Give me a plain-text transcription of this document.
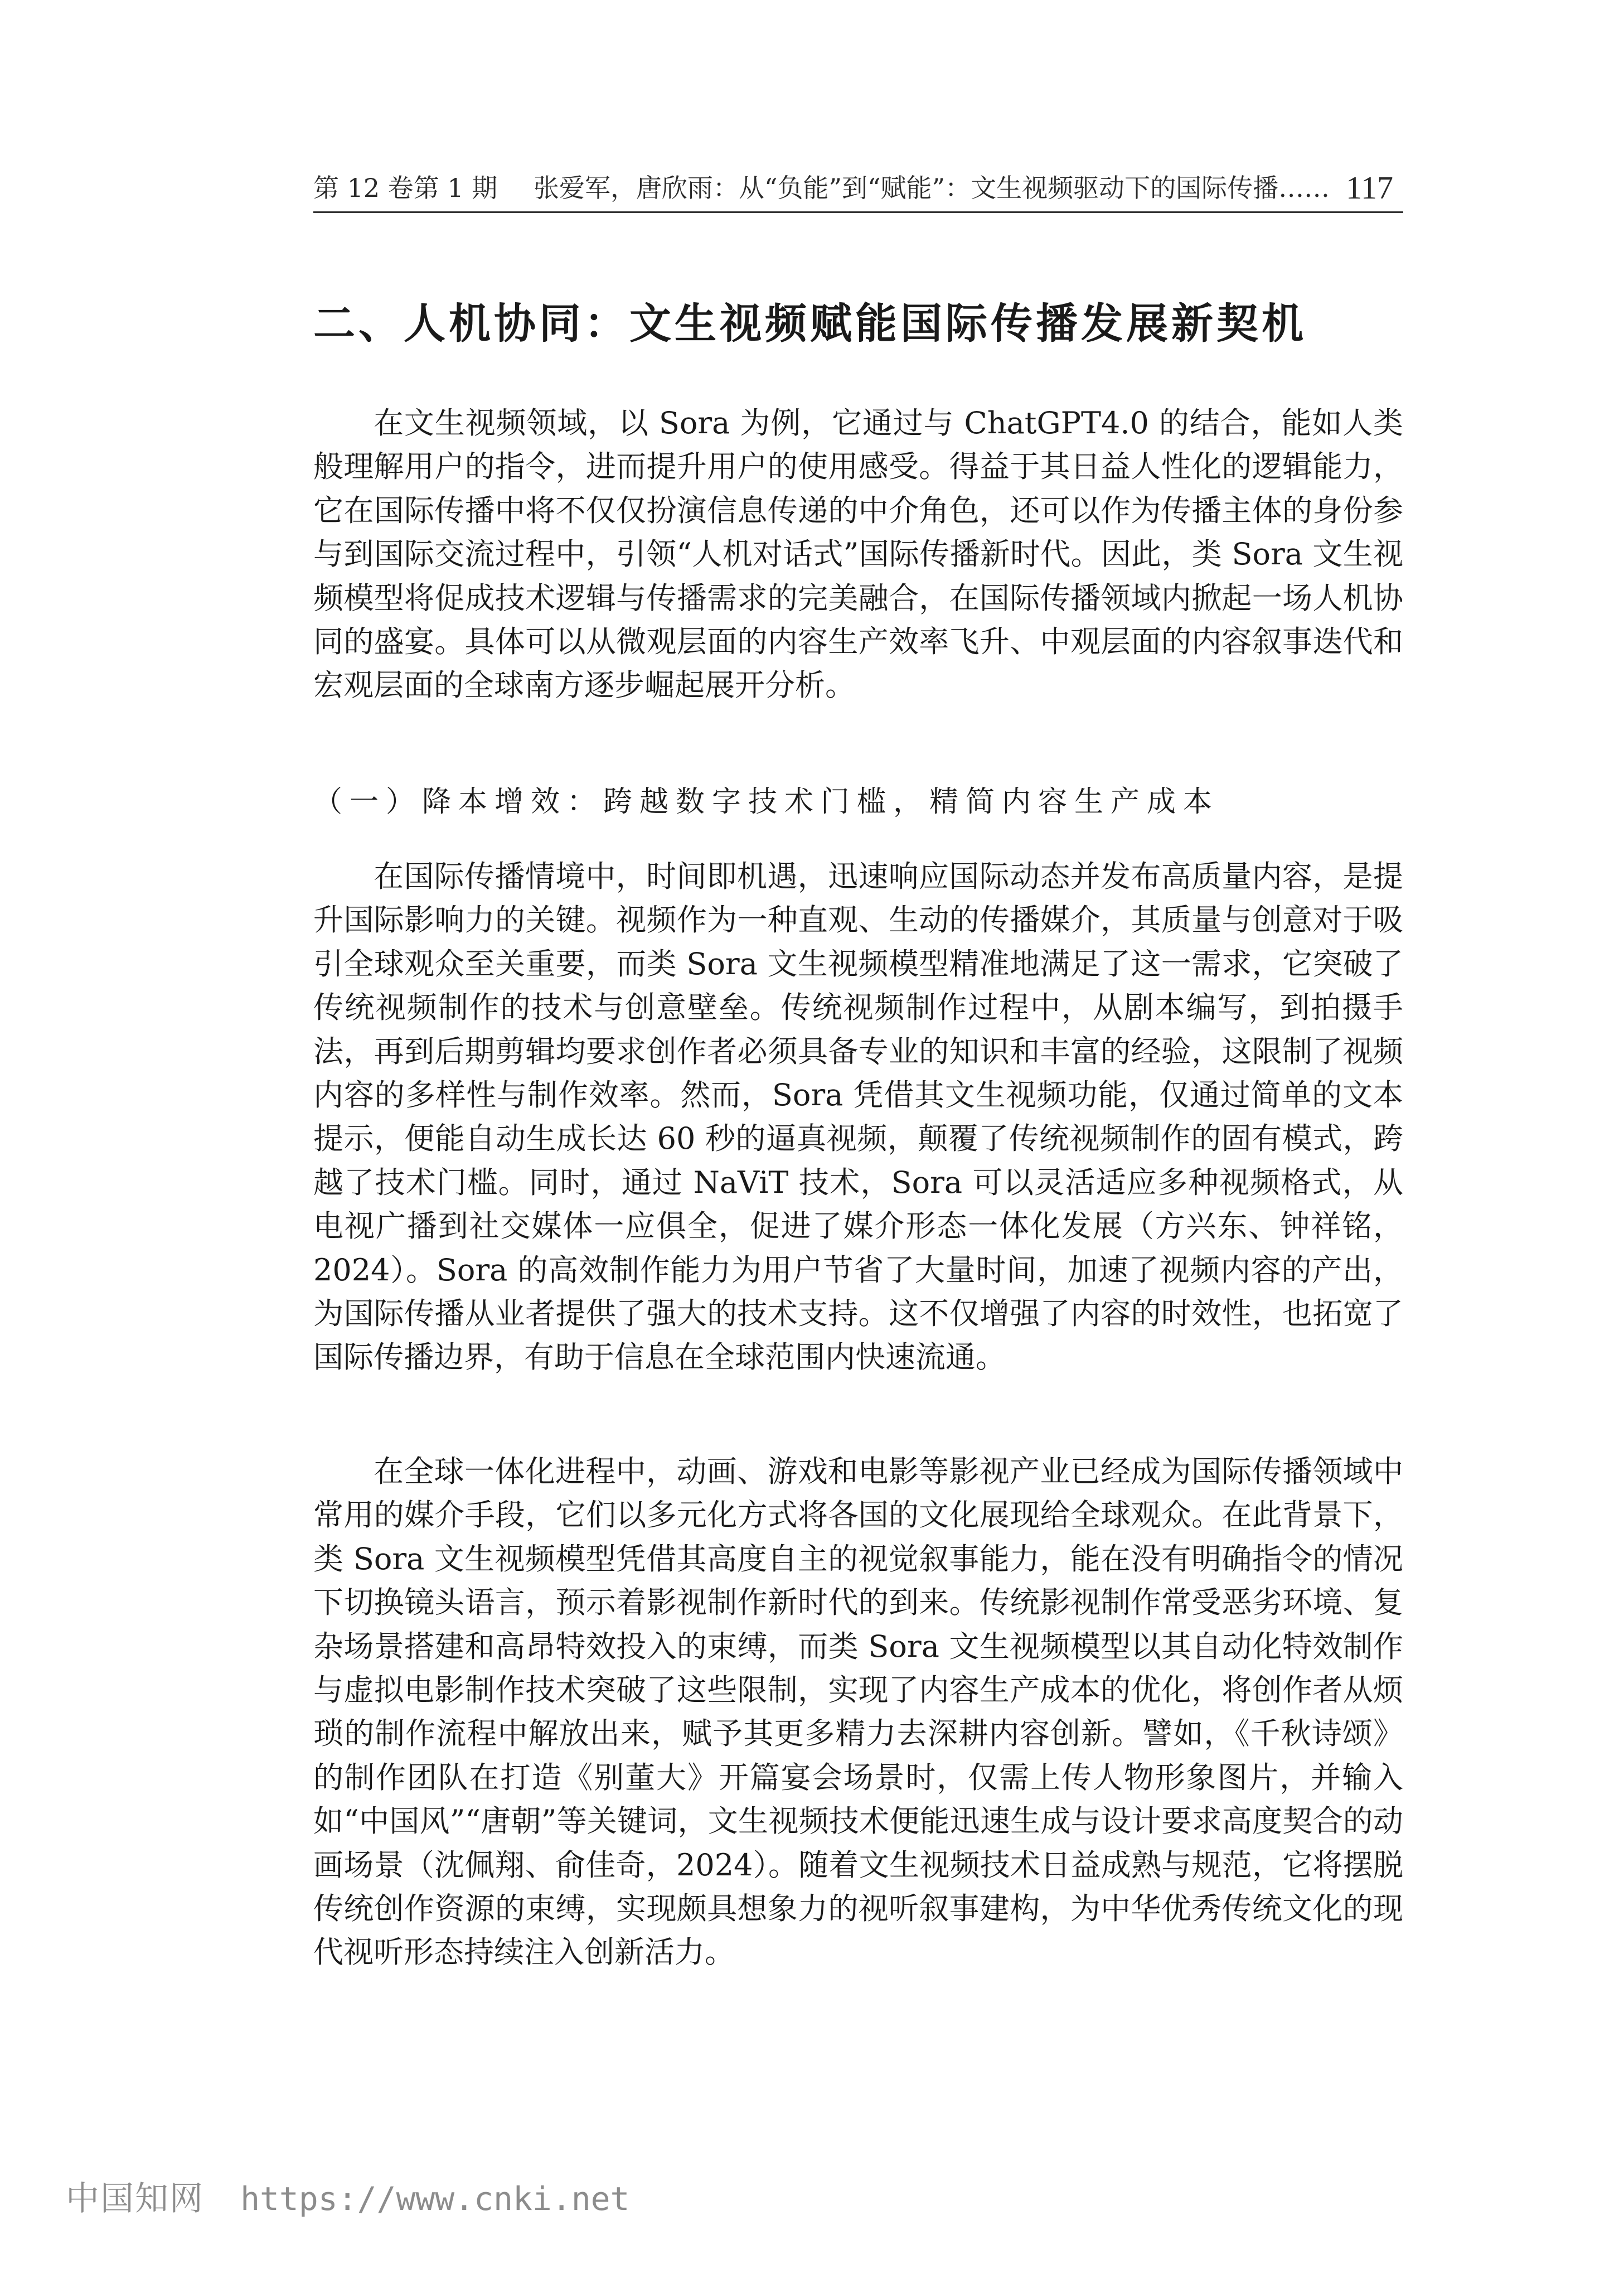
第 12 卷第 1 期 张爱军，唐欣雨：从“负能”到“赋能”：文生视频驱动下的国际传播…… 117
二、人机协同：文生视频赋能国际传播发展新契机

在文生视频领域，以 Sora 为例，它通过与 ChatGPT4.0 的结合，能如人类般理解用户的指令，进而提升用户的使用感受。得益于其日益人性化的逻辑能力，它在国际传播中将不仅仅扮演信息传递的中介角色，还可以作为传播主体的身份参与到国际交流过程中，引领“人机对话式”国际传播新时代。因此，类 Sora 文生视频模型将促成技术逻辑与传播需求的完美融合，在国际传播领域内掀起一场人机协同的盛宴。具体可以从微观层面的内容生产效率飞升、中观层面的内容叙事迭代和宏观层面的全球南方逐步崛起展开分析。

（一）降本增效：跨越数字技术门槛，精简内容生产成本

在国际传播情境中，时间即机遇，迅速响应国际动态并发布高质量内容，是提升国际影响力的关键。视频作为一种直观、生动的传播媒介，其质量与创意对于吸引全球观众至关重要，而类 Sora 文生视频模型精准地满足了这一需求，它突破了传统视频制作的技术与创意壁垒。传统视频制作过程中，从剧本编写，到拍摄手法，再到后期剪辑均要求创作者必须具备专业的知识和丰富的经验，这限制了视频内容的多样性与制作效率。然而，Sora 凭借其文生视频功能，仅通过简单的文本提示，便能自动生成长达 60 秒的逼真视频，颠覆了传统视频制作的固有模式，跨越了技术门槛。同时，通过 NaViT 技术，Sora 可以灵活适应多种视频格式，从电视广播到社交媒体一应俱全，促进了媒介形态一体化发展（方兴东、钟祥铭，2024）。Sora 的高效制作能力为用户节省了大量时间，加速了视频内容的产出，为国际传播从业者提供了强大的技术支持。这不仅增强了内容的时效性，也拓宽了国际传播边界，有助于信息在全球范围内快速流通。

在全球一体化进程中，动画、游戏和电影等影视产业已经成为国际传播领域中常用的媒介手段，它们以多元化方式将各国的文化展现给全球观众。在此背景下，类 Sora 文生视频模型凭借其高度自主的视觉叙事能力，能在没有明确指令的情况下切换镜头语言，预示着影视制作新时代的到来。传统影视制作常受恶劣环境、复杂场景搭建和高昂特效投入的束缚，而类 Sora 文生视频模型以其自动化特效制作与虚拟电影制作技术突破了这些限制，实现了内容生产成本的优化，将创作者从烦琐的制作流程中解放出来，赋予其更多精力去深耕内容创新。譬如，《千秋诗颂》的制作团队在打造《别董大》开篇宴会场景时，仅需上传人物形象图片，并输入如“中国风”“唐朝”等关键词，文生视频技术便能迅速生成与设计要求高度契合的动画场景（沈佩翔、俞佳奇，2024）。随着文生视频技术日益成熟与规范，它将摆脱传统创作资源的束缚，实现颇具想象力的视听叙事建构，为中华优秀传统文化的现代视听形态持续注入创新活力。

中国知网 https://www.cnki.net
